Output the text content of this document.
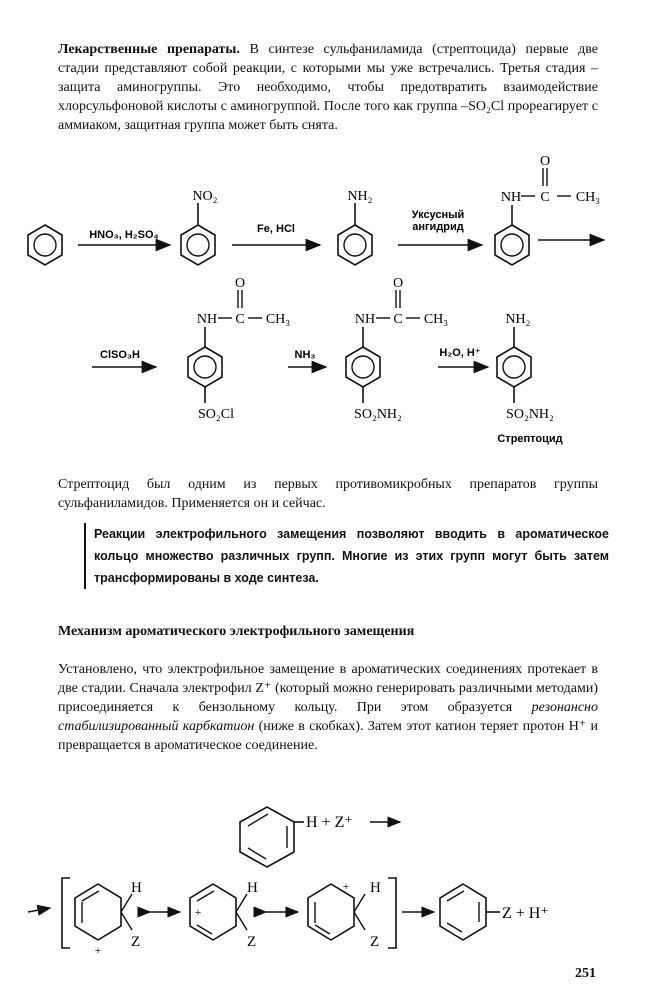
Лекарственные препараты. В синтезе сульфаниламида (стрептоцида) первые две стадии представляют собой реакции, с которыми мы уже встречались. Третья стадия – защита аминогруппы. Это необходимо, чтобы предотвратить взаимодействие хлорсульфоновой кислоты с аминогруппой. После того как группа –SO₂Cl прореагирует с аммиаком, защитная группа может быть снята.

HNO₃, H₂SO₄
NO₂
Fe, HCl
NH₂
Уксусный
ангидрид
NH C
O
CH₃
ClSO₃H
NH C
O
CH₃
SO₂Cl
NH₃
NH C
O
CH₃
SO₂NH₂
H₂O, H⁺
NH₂
SO₂NH₂
Стрептоцид

Стрептоцид был одним из первых противомикробных препаратов группы сульфаниламидов. Применяется он и сейчас.

Реакции электрофильного замещения позволяют вводить в ароматическое кольцо множество различных групп. Многие из этих групп могут быть затем трансформированы в ходе синтеза.

Механизм ароматического электрофильного замещения

Установлено, что электрофильное замещение в ароматических соединениях протекает в две стадии. Сначала электрофил Z⁺ (который можно генерировать различными методами) присоединяется к бензольному кольцу. При этом образуется резонансно стабилизированный карбкатион (ниже в скобках). Затем этот катион теряет протон H⁺ и превращается в ароматическое соединение.

H + Z⁺
H
Z
+
H
Z
+
H
Z
+
Z + H⁺
251
